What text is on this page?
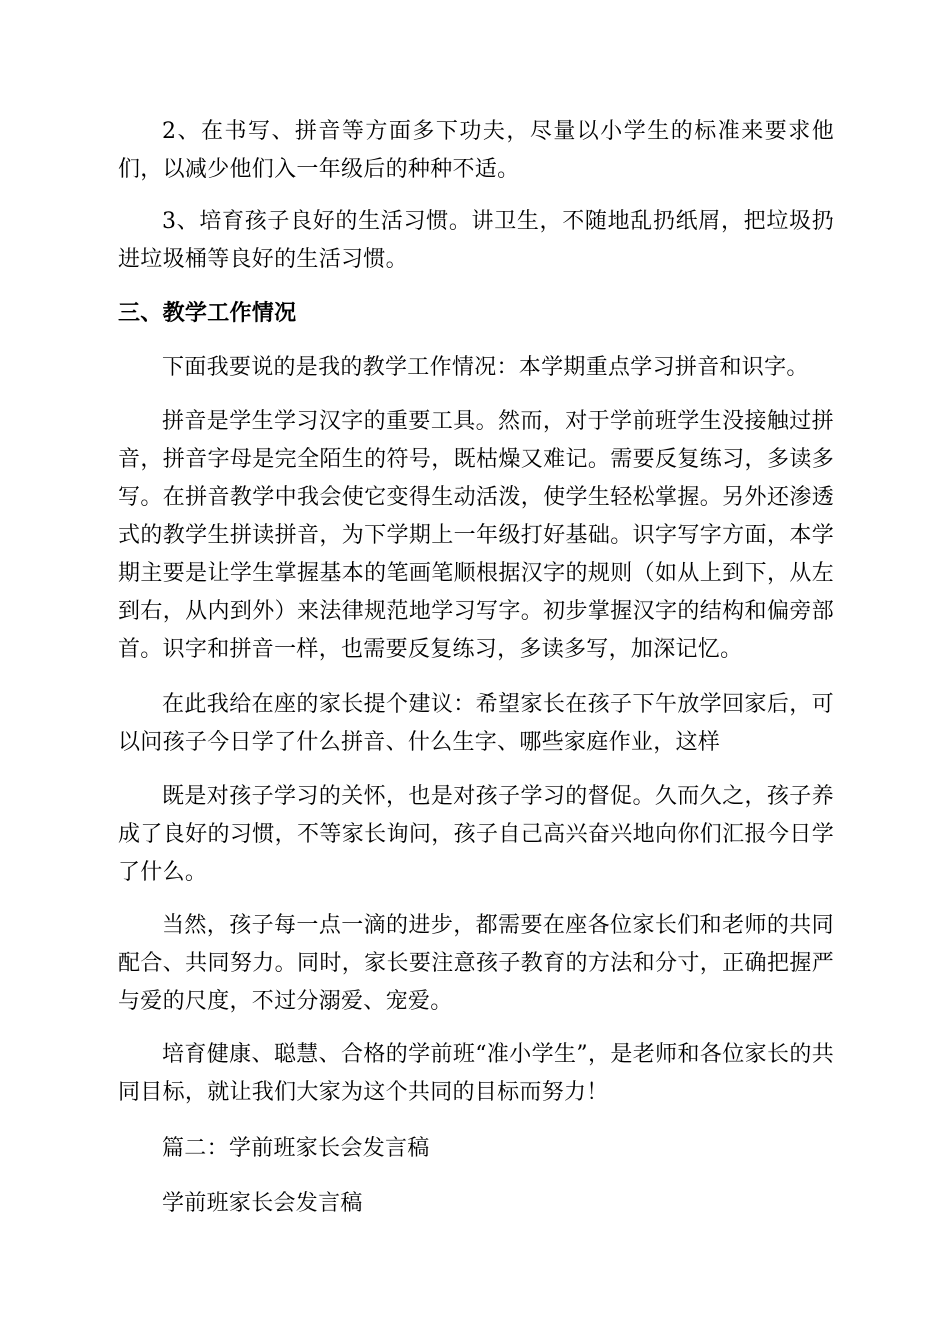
2、在书写、拼音等方面多下功夫，尽量以小学生的标准来要求他们，以减少他们入一年级后的种种不适。

3、培育孩子良好的生活习惯。讲卫生，不随地乱扔纸屑，把垃圾扔进垃圾桶等良好的生活习惯。

三、教学工作情况

下面我要说的是我的教学工作情况：本学期重点学习拼音和识字。

拼音是学生学习汉字的重要工具。然而，对于学前班学生没接触过拼音，拼音字母是完全陌生的符号，既枯燥又难记。需要反复练习，多读多写。在拼音教学中我会使它变得生动活泼，使学生轻松掌握。另外还渗透式的教学生拼读拼音，为下学期上一年级打好基础。识字写字方面，本学期主要是让学生掌握基本的笔画笔顺根据汉字的规则（如从上到下，从左到右，从内到外）来法律规范地学习写字。初步掌握汉字的结构和偏旁部首。识字和拼音一样，也需要反复练习，多读多写，加深记忆。

在此我给在座的家长提个建议：希望家长在孩子下午放学回家后，可以问孩子今日学了什么拼音、什么生字、哪些家庭作业，这样

既是对孩子学习的关怀，也是对孩子学习的督促。久而久之，孩子养成了良好的习惯，不等家长询问，孩子自己高兴奋兴地向你们汇报今日学了什么。

当然，孩子每一点一滴的进步，都需要在座各位家长们和老师的共同配合、共同努力。同时，家长要注意孩子教育的方法和分寸，正确把握严与爱的尺度，不过分溺爱、宠爱。

培育健康、聪慧、合格的学前班“准小学生”，是老师和各位家长的共同目标，就让我们大家为这个共同的目标而努力！

篇二：学前班家长会发言稿

学前班家长会发言稿
